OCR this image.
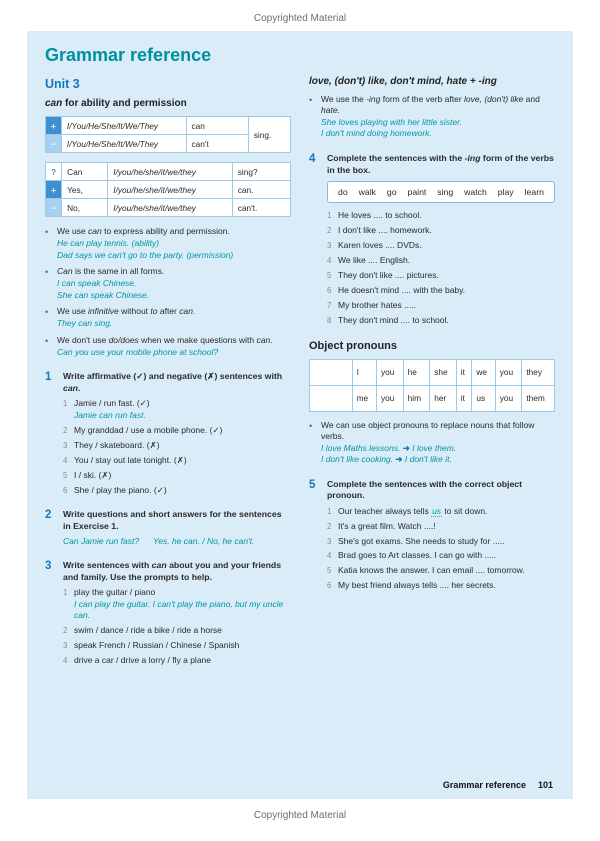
Copyrighted Material
Grammar reference
Unit 3
can for ability and permission
+	I/You/He/She/It/We/They	can	sing.
−	I/You/He/She/It/We/They	can't	
?	Can	I/you/he/she/it/we/they	sing?
+	Yes,	I/you/he/she/it/we/they	can.
−	No,	I/you/he/she/it/we/they	can't.
•	We use can to express ability and permission.
He can play tennis. (ability)
Dad says we can't go to the party. (permission)
•	Can is the same in all forms.
I can speak Chinese.
She can speak Chinese.
•	We use infinitive without to after can.
They can sing.
•	We don't use do/does when we make questions with can.
Can you use your mobile phone at school?
1	Write affirmative (✓) and negative (✗) sentences with can.
1 Jamie / run fast. (✓)
Jamie can run fast.
2 My granddad / use a mobile phone. (✓)
3 They / skateboard. (✗)
4 You / stay out late tonight. (✗)
5 I / ski. (✗)
6 She / play the piano. (✓)
2	Write questions and short answers for the sentences in Exercise 1.
Can Jamie run fast?      Yes, he can. / No, he can't.
3	Write sentences with can about you and your friends and family. Use the prompts to help.
1 play the guitar / piano
I can play the guitar. I can't play the piano, but my uncle can.
2 swim / dance / ride a bike / ride a horse
3 speak French / Russian / Chinese / Spanish
4 drive a car / drive a lorry / fly a plane
love, (don't) like, don't mind, hate + -ing
•	We use the -ing form of the verb after love, (don't) like and hate.
She loves playing with her little sister.
I don't mind doing homework.
4	Complete the sentences with the -ing form of the verbs in the box.
do walk go paint sing watch play learn
1 He loves .... to school.
2 I don't like .... homework.
3 Karen loves .... DVDs.
4 We like .... English.
5 They don't like .... pictures.
6 He doesn't mind .... with the baby.
7 My brother hates .....
8 They don't mind .... to school.
Object pronouns
subject pronoun	I	you	he	she	it	we	you	they
object pronoun	me	you	him	her	it	us	you	them
•	We can use object pronouns to replace nouns that follow verbs.
I love Maths lessons. ➜ I love them.
I don't like cooking. ➜ I don't like it.
5	Complete the sentences with the correct object pronoun.
1 Our teacher always tells us to sit down.
2 It's a great film. Watch ....!
3 She's got exams. She needs to study for .....
4 Brad goes to Art classes. I can go with .....
5 Katia knows the answer. I can email .... tomorrow.
6 My best friend always tells .... her secrets.
Grammar reference 101
Copyrighted Material
